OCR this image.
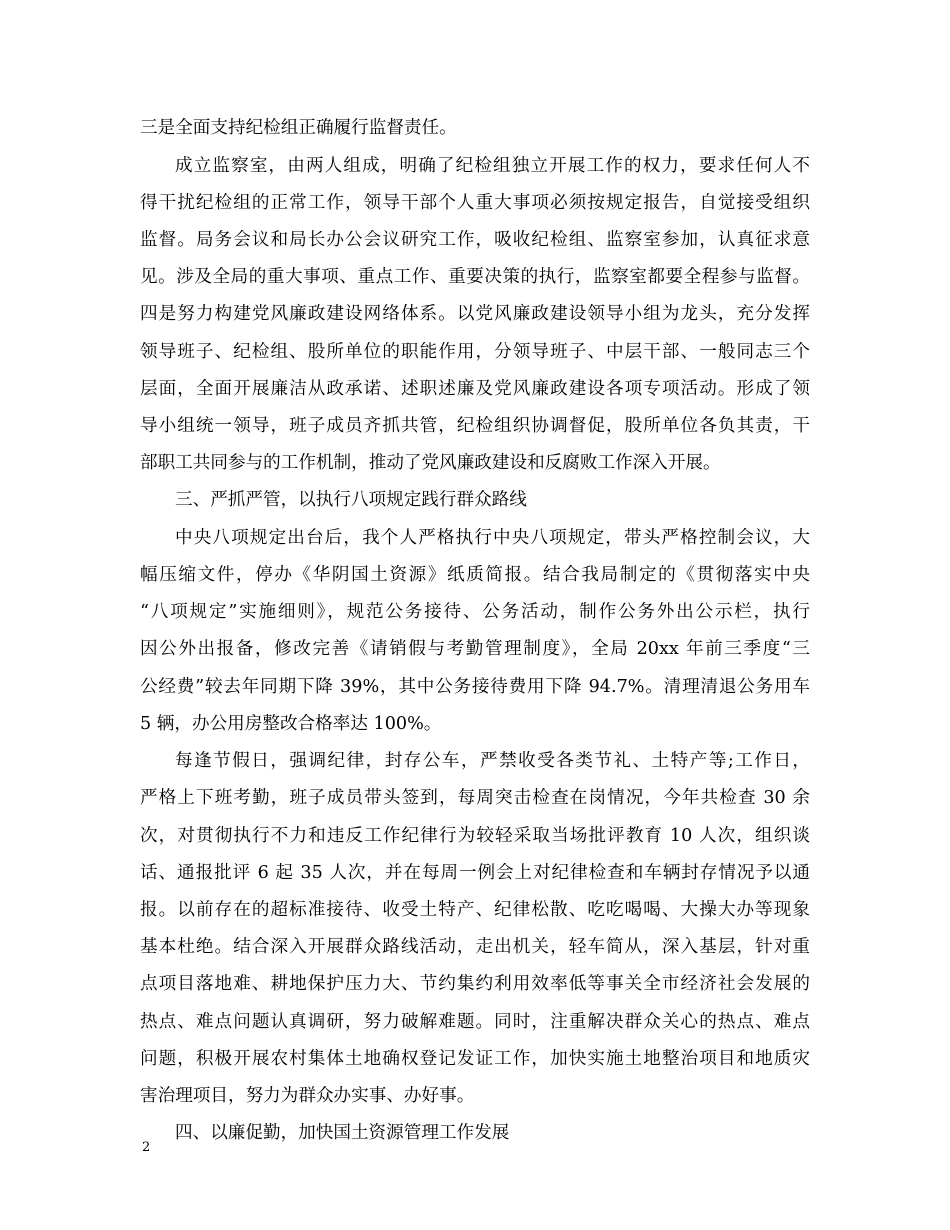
三是全面支持纪检组正确履行监督责任。
成立监察室，由两人组成，明确了纪检组独立开展工作的权力，要求任何人不
得干扰纪检组的正常工作，领导干部个人重大事项必须按规定报告，自觉接受组织
监督。局务会议和局长办公会议研究工作，吸收纪检组、监察室参加，认真征求意
见。涉及全局的重大事项、重点工作、重要决策的执行，监察室都要全程参与监督。
四是努力构建党风廉政建设网络体系。以党风廉政建设领导小组为龙头，充分发挥
领导班子、纪检组、股所单位的职能作用，分领导班子、中层干部、一般同志三个
层面，全面开展廉洁从政承诺、述职述廉及党风廉政建设各项专项活动。形成了领
导小组统一领导，班子成员齐抓共管，纪检组织协调督促，股所单位各负其责，干
部职工共同参与的工作机制，推动了党风廉政建设和反腐败工作深入开展。
三、严抓严管，以执行八项规定践行群众路线
中央八项规定出台后，我个人严格执行中央八项规定，带头严格控制会议，大
幅压缩文件，停办《华阴国土资源》纸质简报。结合我局制定的《贯彻落实中央
“八项规定”实施细则》，规范公务接待、公务活动，制作公务外出公示栏，执行
因公外出报备，修改完善《请销假与考勤管理制度》，全局 20xx 年前三季度“三
公经费”较去年同期下降 39%，其中公务接待费用下降 94.7%。清理清退公务用车
5 辆，办公用房整改合格率达 100%。
每逢节假日，强调纪律，封存公车，严禁收受各类节礼、土特产等;工作日，
严格上下班考勤，班子成员带头签到，每周突击检查在岗情况，今年共检查 30 余
次，对贯彻执行不力和违反工作纪律行为较轻采取当场批评教育 10 人次，组织谈
话、通报批评 6 起 35 人次，并在每周一例会上对纪律检查和车辆封存情况予以通
报。以前存在的超标准接待、收受土特产、纪律松散、吃吃喝喝、大操大办等现象
基本杜绝。结合深入开展群众路线活动，走出机关，轻车简从，深入基层，针对重
点项目落地难、耕地保护压力大、节约集约利用效率低等事关全市经济社会发展的
热点、难点问题认真调研，努力破解难题。同时，注重解决群众关心的热点、难点
问题，积极开展农村集体土地确权登记发证工作，加快实施土地整治项目和地质灾
害治理项目，努力为群众办实事、办好事。
四、以廉促勤，加快国土资源管理工作发展
2
